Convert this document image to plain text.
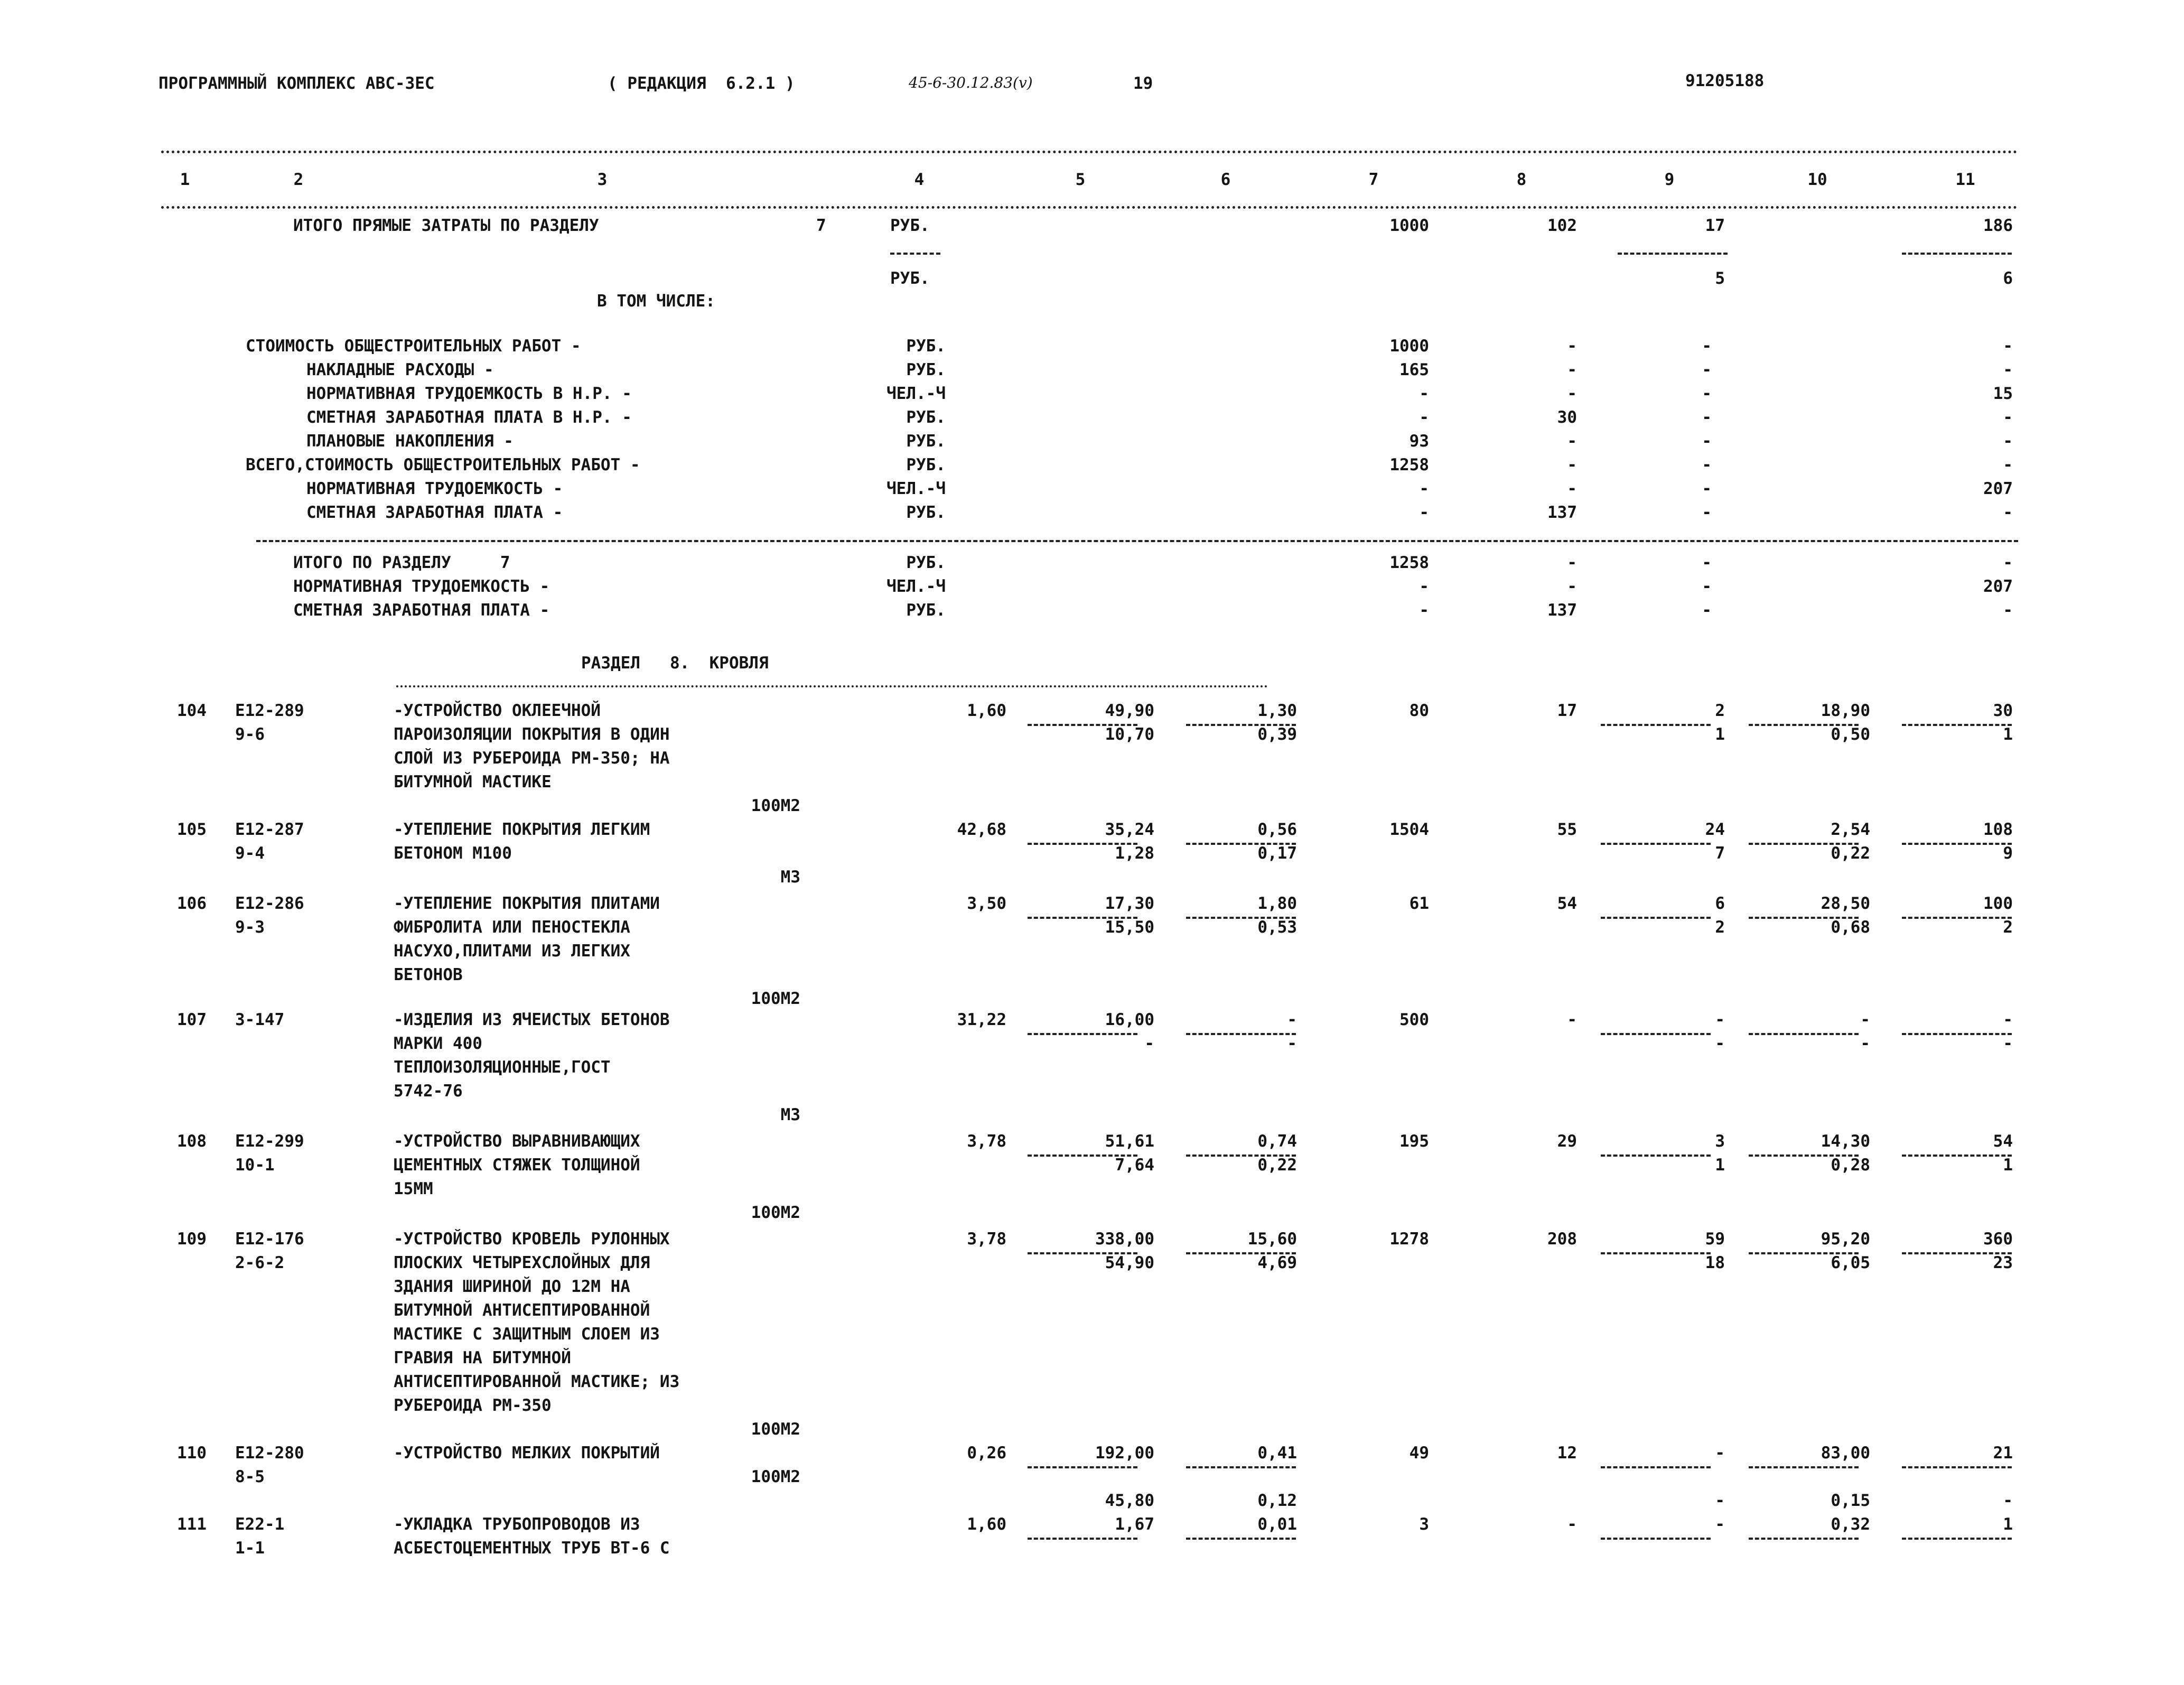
ПРОГРАММНЫЙ КОМПЛЕКС АВС-ЗЕС	( РЕДАКЦИЯ  6.2.1 )	45-6-30.12.83(v)	19	91205188
1	2	3	4	5	6	7	8	9	10	11
ИТОГО ПРЯМЫЕ ЗАТРАТЫ ПО РАЗДЕЛУ	7	РУБ.	1000	102	17	186
РУБ.	5	6
В ТОМ ЧИСЛЕ:
СТОИМОСТЬ ОБЩЕСТРОИТЕЛЬНЫХ РАБОТ -	РУБ.	1000	-	-	-
НАКЛАДНЫЕ РАСХОДЫ -	РУБ.	165	-	-	-
НОРМАТИВНАЯ ТРУДОЕМКОСТЬ В Н.Р. -	ЧЕЛ.-Ч	-	-	-	15
СМЕТНАЯ ЗАРАБОТНАЯ ПЛАТА В Н.Р. -	РУБ.	-	30	-	-
ПЛАНОВЫЕ НАКОПЛЕНИЯ -	РУБ.	93	-	-	-
ВСЕГО,СТОИМОСТЬ ОБЩЕСТРОИТЕЛЬНЫХ РАБОТ -	РУБ.	1258	-	-	-
НОРМАТИВНАЯ ТРУДОЕМКОСТЬ -	ЧЕЛ.-Ч	-	-	-	207
СМЕТНАЯ ЗАРАБОТНАЯ ПЛАТА -	РУБ.	-	137	-	-
ИТОГО ПО РАЗДЕЛУ     7	РУБ.	1258	-	-	-
НОРМАТИВНАЯ ТРУДОЕМКОСТЬ -	ЧЕЛ.-Ч	-	-	-	207
СМЕТНАЯ ЗАРАБОТНАЯ ПЛАТА -	РУБ.	-	137	-	-
РАЗДЕЛ   8.  КРОВЛЯ
104 Е12-289
9-6
-УСТРОЙСТВО ОКЛЕЕЧНОЙ
ПАРОИЗОЛЯЦИИ ПОКРЫТИЯ В ОДИН
СЛОЙ ИЗ РУБЕРОИДА РМ-350; НА
БИТУМНОЙ МАСТИКЕ
100М2
1,60	49,90	1,30	80	17	2	18,90	30
10,70	0,39	1	0,50	1
105 Е12-287
9-4
-УТЕПЛЕНИЕ ПОКРЫТИЯ ЛЕГКИМ
БЕТОНОМ М100
М3
42,68	35,24	0,56	1504	55	24	2,54	108
1,28	0,17	7	0,22	9
106 Е12-286
9-3
-УТЕПЛЕНИЕ ПОКРЫТИЯ ПЛИТАМИ
ФИБРОЛИТА ИЛИ ПЕНОСТЕКЛА
НАСУХО,ПЛИТАМИ ИЗ ЛЕГКИХ
БЕТОНОВ
100М2
3,50	17,30	1,80	61	54	6	28,50	100
15,50	0,53	2	0,68	2
107 3-147	-ИЗДЕЛИЯ ИЗ ЯЧЕИСТЫХ БЕТОНОВ
МАРКИ 400
ТЕПЛОИЗОЛЯЦИОННЫЕ,ГОСТ
5742-76
М3
31,22	16,00	-	500	-	-	-	-
-	-	-	-	-
108 Е12-299
10-1
-УСТРОЙСТВО ВЫРАВНИВАЮЩИХ
ЦЕМЕНТНЫХ СТЯЖЕК ТОЛЩИНОЙ
15ММ
100М2
3,78	51,61	0,74	195	29	3	14,30	54
7,64	0,22	1	0,28	1
109 Е12-176
2-6-2
-УСТРОЙСТВО КРОВЕЛЬ РУЛОННЫХ
ПЛОСКИХ ЧЕТЫРЕХСЛОЙНЫХ ДЛЯ
ЗДАНИЯ ШИРИНОЙ ДО 12М НА
БИТУМНОЙ АНТИСЕПТИРОВАННОЙ
МАСТИКЕ С ЗАЩИТНЫМ СЛОЕМ ИЗ
ГРАВИЯ НА БИТУМНОЙ
АНТИСЕПТИРОВАННОЙ МАСТИКЕ; ИЗ
РУБЕРОИДА РМ-350
100М2
3,78	338,00	15,60	1278	208	59	95,20	360
54,90	4,69	18	6,05	23
110 Е12-280
8-5
-УСТРОЙСТВО МЕЛКИХ ПОКРЫТИЙ
100М2
0,26	192,00	0,41	49	12	-	83,00	21
45,80	0,12	-	0,15	-
111 Е22-1
1-1
-УКЛАДКА ТРУБОПРОВОДОВ ИЗ
АСБЕСТОЦЕМЕНТНЫХ ТРУБ ВТ-6 С
1,60	1,67	0,01	3	-	-	0,32	1
